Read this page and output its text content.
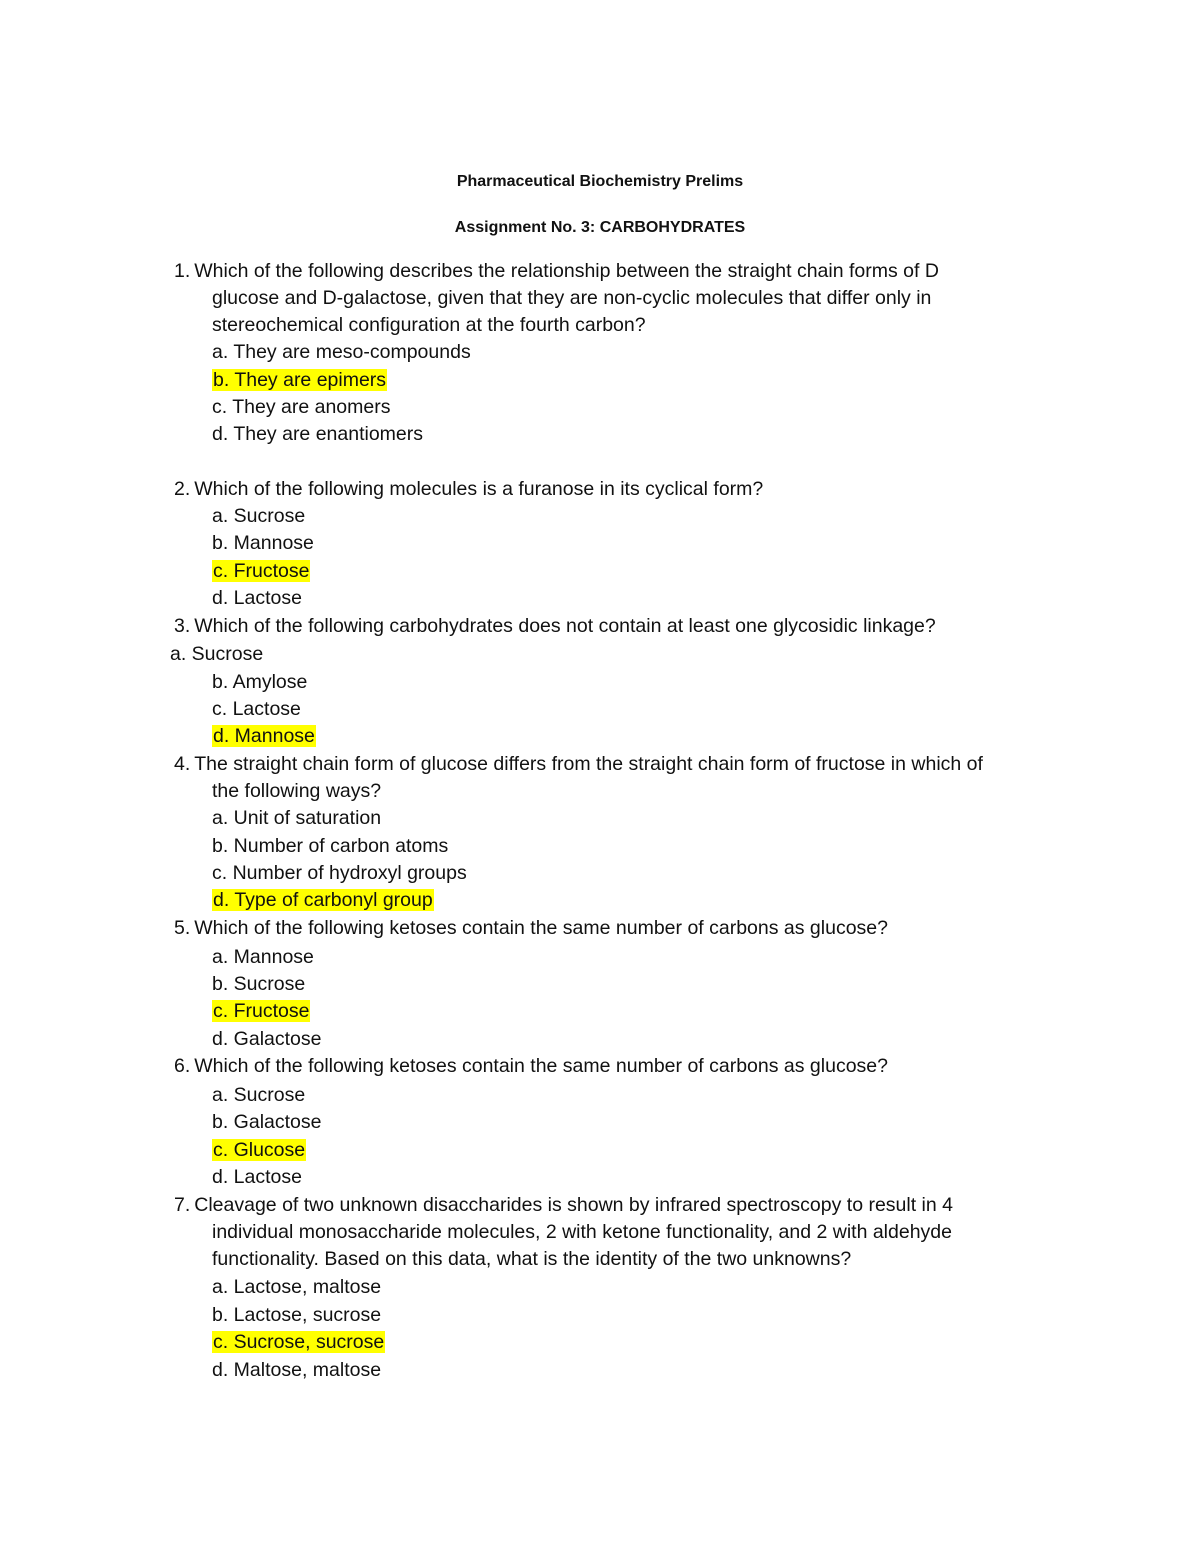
Pharmaceutical Biochemistry Prelims
Assignment No. 3: CARBOHYDRATES
1. Which of the following describes the relationship between the straight chain forms of D
glucose and D-galactose, given that they are non-cyclic molecules that differ only in
stereochemical configuration at the fourth carbon?
a. They are meso-compounds
b. They are epimers
c. They are anomers
d. They are enantiomers
2. Which of the following molecules is a furanose in its cyclical form?
a. Sucrose
b. Mannose
c. Fructose
d. Lactose
3. Which of the following carbohydrates does not contain at least one glycosidic linkage?
a. Sucrose
b. Amylose
c. Lactose
d. Mannose
4. The straight chain form of glucose differs from the straight chain form of fructose in which of
the following ways?
a. Unit of saturation
b. Number of carbon atoms
c. Number of hydroxyl groups
d. Type of carbonyl group
5. Which of the following ketoses contain the same number of carbons as glucose?
a. Mannose
b. Sucrose
c. Fructose
d. Galactose
6. Which of the following ketoses contain the same number of carbons as glucose?
a. Sucrose
b. Galactose
c. Glucose
d. Lactose
7. Cleavage of two unknown disaccharides is shown by infrared spectroscopy to result in 4
individual monosaccharide molecules, 2 with ketone functionality, and 2 with aldehyde
functionality. Based on this data, what is the identity of the two unknowns?
a. Lactose, maltose
b. Lactose, sucrose
c. Sucrose, sucrose
d. Maltose, maltose
